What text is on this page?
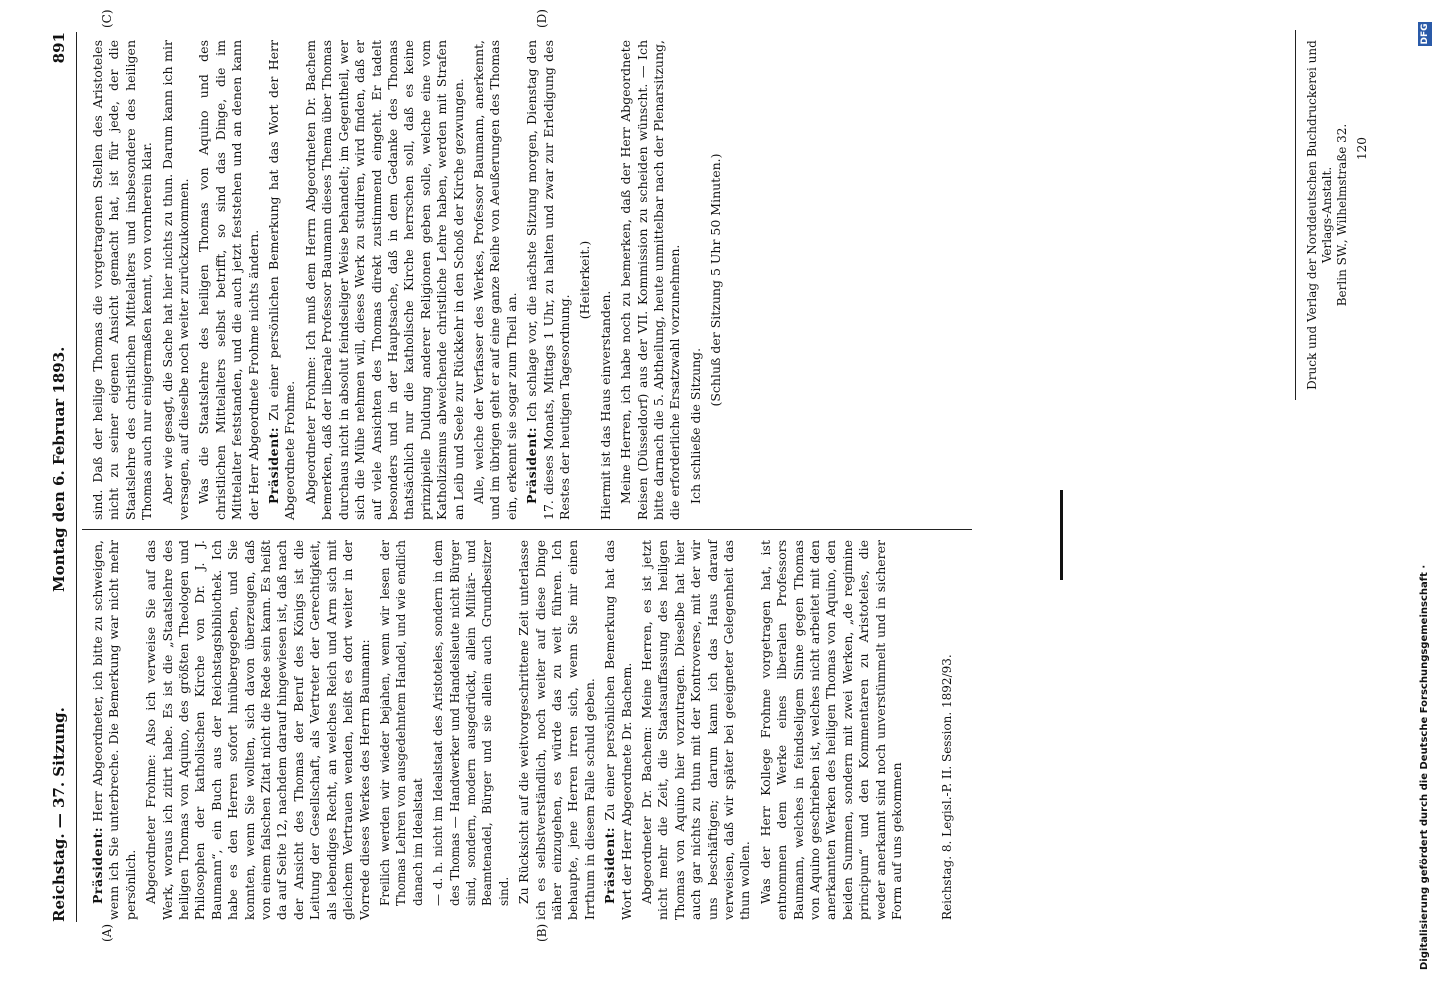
Reichstag. — 37. Sitzung.
Montag den 6. Februar 1893.
891
(A)	(B)
(C)	(D)

Präsident: Herr Abgeordneter, ich bitte zu schweigen, wenn ich Sie unterbreche. Die Bemerkung war nicht mehr persönlich. Abgeordneter Frohme: Also ich verweise Sie auf das Werk, woraus ich zitirt habe. Es ist die „Staatslehre des heiligen Thomas von Aquino, des größten Theologen und Philosophen der katholischen Kirche von Dr. J. J. Baumann“, ein Buch aus der Reichstagsbibliothek. Ich habe es den Herren sofort hinübergegeben, und Sie konnten, wenn Sie wollten, sich davon überzeugen, daß von einem falschen Zitat nicht die Rede sein kann. Es heißt da auf Seite 12, nachdem darauf hingewiesen ist, daß nach der Ansicht des Thomas der Beruf des Königs ist die Leitung der Gesellschaft, als Vertreter der Gerechtigkeit, als lebendiges Recht, an welches Reich und Arm sich mit gleichem Vertrauen wenden, heißt es dort weiter in der Vorrede dieses Werkes des Herrn Baumann: Freilich werden wir wieder bejahen, wenn wir lesen der Thomas Lehren von ausgedehntem Handel, und wie endlich danach im Idealstaat — d. h. nicht im Idealstaat des Aristoteles, sondern in dem des Thomas — Handwerker und Handelsleute nicht Bürger sind, sondern, modern ausgedrückt, allein Militär- und Beamtenadel, Bürger und sie allein auch Grundbesitzer sind. Zu Rücksicht auf die weitvorgeschrittene Zeit unterlasse ich es selbstverständlich, noch weiter auf diese Dinge näher einzugehen, es würde das zu weit führen. Ich behaupte, jene Herren irren sich, wenn Sie mir einen Irrthum in diesem Falle schuld geben. Präsident: Zu einer persönlichen Bemerkung hat das Wort der Herr Abgeordnete Dr. Bachem. Abgeordneter Dr. Bachem: Meine Herren, es ist jetzt nicht mehr die Zeit, die Staatsauffassung des heiligen Thomas von Aquino hier vorzutragen. Dieselbe hat hier auch gar nichts zu thun mit der Kontroverse, mit der wir uns beschäftigen; darum kann ich das Haus darauf verweisen, daß wir später bei geeigneter Gelegenheit das thun wollen. Was der Herr Kollege Frohme vorgetragen hat, ist entnommen dem Werke eines liberalen Professors Baumann, welches in feindseligem Sinne gegen Thomas von Aquino geschrieben ist, welches nicht arbeitet mit den anerkannten Werken des heiligen Thomas von Aquino, den beiden Summen, sondern mit zwei Werken, „de regimine principum“ und den Kommentaren zu Aristoteles, die weder anerkannt sind noch unverstümmelt und in sicherer Form auf uns gekommen

sind. Daß der heilige Thomas die vorgetragenen Stellen des Aristoteles nicht zu seiner eigenen Ansicht gemacht hat, ist für jede, der die Staatslehre des christlichen Mittelalters und insbesondere des heiligen Thomas auch nur einigermaßen kennt, von vornherein klar. Aber wie gesagt, die Sache hat hier nichts zu thun. Darum kann ich mir versagen, auf dieselbe noch weiter zurückzukommen. Was die Staatslehre des heiligen Thomas von Aquino und des christlichen Mittelalters selbst betrifft, so sind das Dinge, die im Mittelalter feststanden, und die auch jetzt feststehen und an denen kann der Herr Abgeordnete Frohme nichts ändern. Präsident: Zu einer persönlichen Bemerkung hat das Wort der Herr Abgeordnete Frohme. Abgeordneter Frohme: Ich muß dem Herrn Abgeordneten Dr. Bachem bemerken, daß der liberale Professor Baumann dieses Thema über Thomas durchaus nicht in absolut feindseliger Weise behandelt; im Gegentheil, wer sich die Mühe nehmen will, dieses Werk zu studiren, wird finden, daß er auf viele Ansichten des Thomas direkt zustimmend eingeht. Er tadelt besonders und in der Hauptsache, daß in dem Gedanke des Thomas thatsächlich nur die katholische Kirche herrschen soll, daß es keine prinzipielle Duldung anderer Religionen geben solle, welche eine vom Katholizismus abweichende christliche Lehre haben, werden mit Strafen an Leib und Seele zur Rückkehr in den Schoß der Kirche gezwungen. Alle, welche der Verfasser des Werkes, Professor Baumann, anerkennt, und im übrigen geht er auf eine ganze Reihe von Aeußerungen des Thomas ein, erkennt sie sogar zum Theil an. Präsident: Ich schlage vor, die nächste Sitzung morgen, Dienstag den 17. dieses Monats, Mittags 1 Uhr, zu halten und zwar zur Erledigung des Restes der heutigen Tagesordnung.

(Heiterkeit.)

Hiermit ist das Haus einverstanden. Meine Herren, ich habe noch zu bemerken, daß der Herr Abgeordnete Reisen (Düsseldorf) aus der VII. Kommission zu scheiden wünscht. — Ich bitte darnach die 5. Abtheilung, heute unmittelbar nach der Plenarsitzung, die erforderliche Ersatzwahl vorzunehmen. Ich schließe die Sitzung.

(Schluß der Sitzung 5 Uhr 50 Minuten.)

Reichstag. 8. Legisl.-P. II. Session. 1892/93.
Druck und Verlag der Norddeutschen Buchdruckerei und Verlags-Anstalt. Berlin SW., Wilhelmstraße 32. 120
Digitalisierung gefördert durch die Deutsche Forschungsgemeinschaft ·
DFG
